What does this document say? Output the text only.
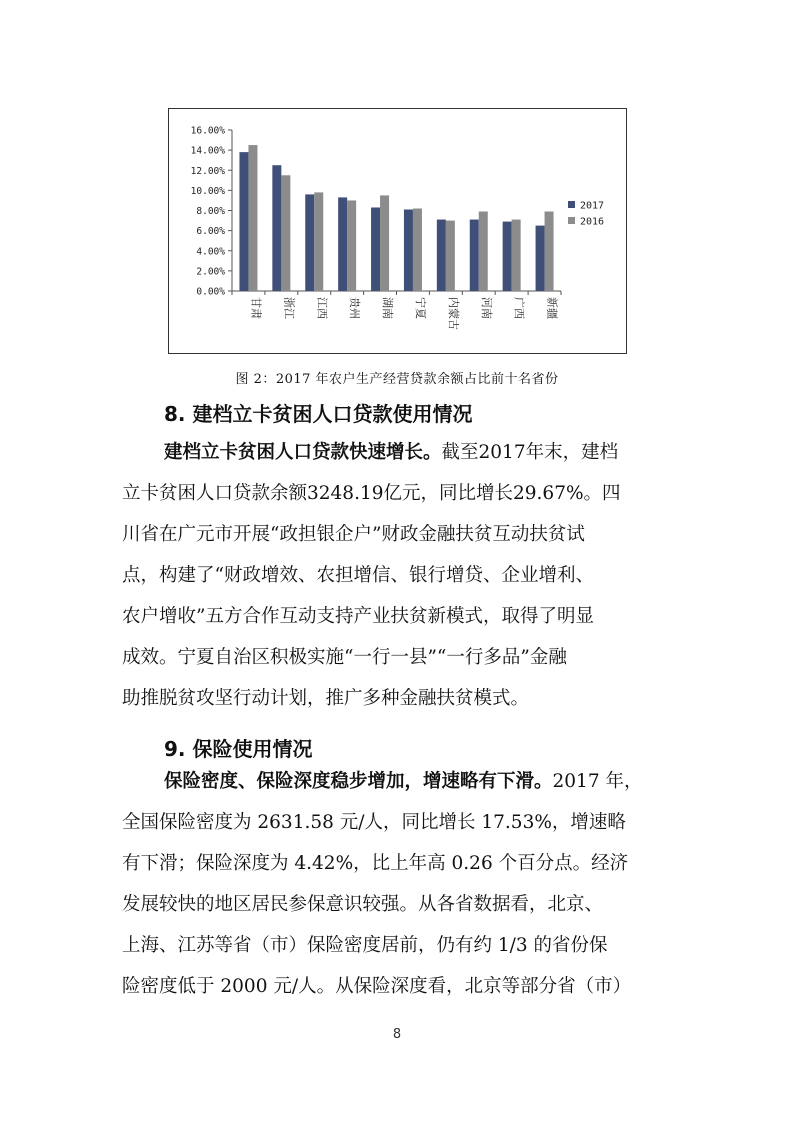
0.00%
2.00%
4.00%
6.00%
8.00%
10.00%
12.00%
14.00%
16.00%
甘肃 浙江 江西 贵州 湖南 宁夏 内蒙古 河南 广西 新疆
2017
2016
图 2：2017 年农户生产经营贷款余额占比前十名省份
8. 建档立卡贫困人口贷款使用情况
建档立卡贫困人口贷款快速增长。截至2017年末，建档
立卡贫困人口贷款余额3248.19亿元，同比增长29.67%。四
川省在广元市开展“政担银企户”财政金融扶贫互动扶贫试
点，构建了“财政增效、农担增信、银行增贷、企业增利、
农户增收”五方合作互动支持产业扶贫新模式，取得了明显
成效。宁夏自治区积极实施“一行一县”“一行多品”金融
助推脱贫攻坚行动计划，推广多种金融扶贫模式。
9. 保险使用情况
保险密度、保险深度稳步增加，增速略有下滑。2017 年，
全国保险密度为 2631.58 元/人，同比增长 17.53%，增速略
有下滑；保险深度为 4.42%，比上年高 0.26 个百分点。经济
发展较快的地区居民参保意识较强。从各省数据看，北京、
上海、江苏等省（市）保险密度居前，仍有约 1/3 的省份保
险密度低于 2000 元/人。从保险深度看，北京等部分省（市）
8
